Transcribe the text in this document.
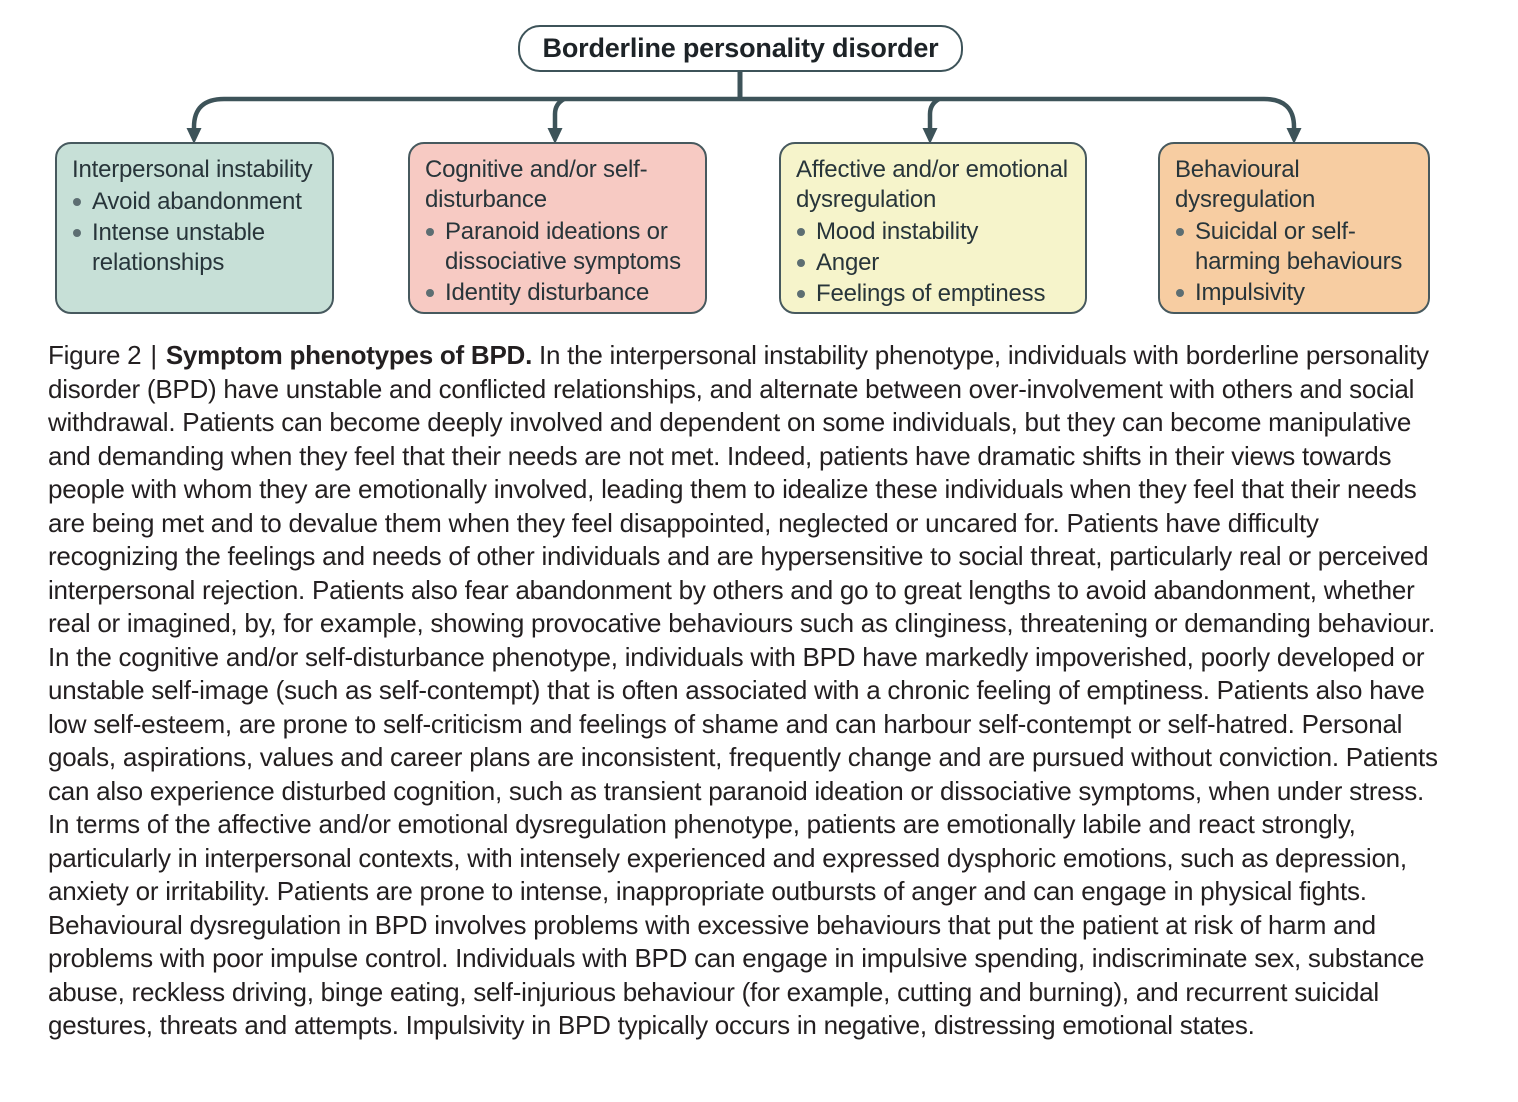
Borderline personality disorder
Interpersonal instability
Avoid abandonment
Intense unstable relationships
Cognitive and/or self-disturbance
Paranoid ideations or dissociative symptoms
Identity disturbance
Affective and/or emotional dysregulation
Mood instability
Anger
Feelings of emptiness
Behavioural dysregulation
Suicidal or self-harming behaviours
Impulsivity

Figure 2 | Symptom phenotypes of BPD. In the interpersonal instability phenotype, individuals with borderline personality disorder (BPD) have unstable and conflicted relationships, and alternate between over-involvement with others and social withdrawal. Patients can become deeply involved and dependent on some individuals, but they can become manipulative and demanding when they feel that their needs are not met. Indeed, patients have dramatic shifts in their views towards people with whom they are emotionally involved, leading them to idealize these individuals when they feel that their needs are being met and to devalue them when they feel disappointed, neglected or uncared for. Patients have difficulty recognizing the feelings and needs of other individuals and are hypersensitive to social threat, particularly real or perceived interpersonal rejection. Patients also fear abandonment by others and go to great lengths to avoid abandonment, whether real or imagined, by, for example, showing provocative behaviours such as clinginess, threatening or demanding behaviour. In the cognitive and/or self-disturbance phenotype, individuals with BPD have markedly impoverished, poorly developed or unstable self-image (such as self-contempt) that is often associated with a chronic feeling of emptiness. Patients also have low self-esteem, are prone to self-criticism and feelings of shame and can harbour self-contempt or self-hatred. Personal goals, aspirations, values and career plans are inconsistent, frequently change and are pursued without conviction. Patients can also experience disturbed cognition, such as transient paranoid ideation or dissociative symptoms, when under stress. In terms of the affective and/or emotional dysregulation phenotype, patients are emotionally labile and react strongly, particularly in interpersonal contexts, with intensely experienced and expressed dysphoric emotions, such as depression, anxiety or irritability. Patients are prone to intense, inappropriate outbursts of anger and can engage in physical fights. Behavioural dysregulation in BPD involves problems with excessive behaviours that put the patient at risk of harm and problems with poor impulse control. Individuals with BPD can engage in impulsive spending, indiscriminate sex, substance abuse, reckless driving, binge eating, self-injurious behaviour (for example, cutting and burning), and recurrent suicidal gestures, threats and attempts. Impulsivity in BPD typically occurs in negative, distressing emotional states.
